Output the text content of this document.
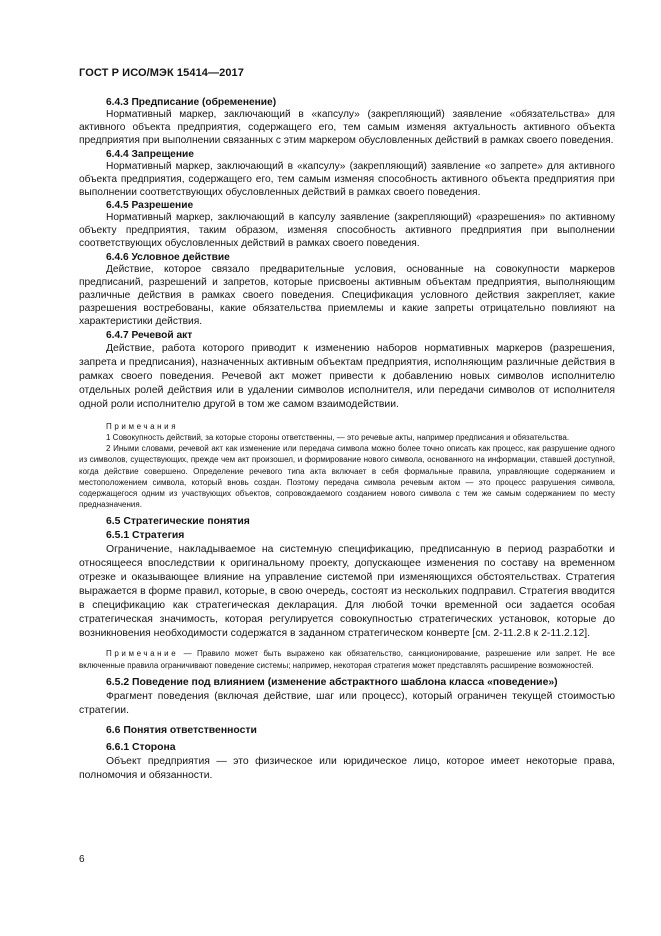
ГОСТ Р ИСО/МЭК 15414—2017
6.4.3 Предписание (обременение)

Нормативный маркер, заключающий в «капсулу» (закрепляющий) заявление «обязательства» для активного объекта предприятия, содержащего его, тем самым изменяя актуальность активного объекта предприятия при выполнении связанных с этим маркером обусловленных действий в рамках своего поведения.

6.4.4 Запрещение

Нормативный маркер, заключающий в «капсулу» (закрепляющий) заявление «о запрете» для активного объекта предприятия, содержащего его, тем самым изменяя способность активного объекта предприятия при выполнении соответствующих обусловленных действий в рамках своего поведения.

6.4.5 Разрешение

Нормативный маркер, заключающий в капсулу заявление (закрепляющий) «разрешения» по активному объекту предприятия, таким образом, изменяя способность активного предприятия при выполнении соответствующих обусловленных действий в рамках своего поведения.

6.4.6 Условное действие

Действие, которое связало предварительные условия, основанные на совокупности маркеров предписаний, разрешений и запретов, которые присвоены активным объектам предприятия, выполняющим различные действия в рамках своего поведения. Спецификация условного действия закрепляет, какие разрешения востребованы, какие обязательства приемлемы и какие запреты отрицательно повлияют на характеристики действия.

6.4.7 Речевой акт

Действие, работа которого приводит к изменению наборов нормативных маркеров (разрешения, запрета и предписания), назначенных активным объектам предприятия, исполняющим различные действия в рамках своего поведения. Речевой акт может привести к добавлению новых символов исполнителю отдельных ролей действия или в удалении символов исполнителя, или передачи символов от исполнителя одной роли исполнителю другой в том же самом взаимодействии.

Примечания

1 Совокупность действий, за которые стороны ответственны, — это речевые акты, например предписания и обязательства.

2 Иными словами, речевой акт как изменение или передача символа можно более точно описать как процесс, как разрушение одного из символов, существующих, прежде чем акт произошел, и формирование нового символа, основанного на информации, ставшей доступной, когда действие совершено. Определение речевого типа акта включает в себя формальные правила, управляющие содержанием и местоположением символа, который вновь создан. Поэтому передача символа речевым актом — это процесс разрушения символа, содержащегося одним из участвующих объектов, сопровождаемого созданием нового символа с тем же самым содержанием по месту предназначения.

6.5 Стратегические понятия
6.5.1 Стратегия

Ограничение, накладываемое на системную спецификацию, предписанную в период разработки и относящееся впоследствии к оригинальному проекту, допускающее изменения по составу на временном отрезке и оказывающее влияние на управление системой при изменяющихся обстоятельствах. Стратегия выражается в форме правил, которые, в свою очередь, состоят из нескольких подправил. Стратегия вводится в спецификацию как стратегическая декларация. Для любой точки временной оси задается особая стратегическая значимость, которая регулируется совокупностью стратегических установок, которые до возникновения необходимости содержатся в заданном стратегическом конверте [см. 2-11.2.8 к 2-11.2.12].

Примечание — Правило может быть выражено как обязательство, санкционирование, разрешение или запрет. Не все включенные правила ограничивают поведение системы; например, некоторая стратегия может представлять расширение возможностей.

6.5.2 Поведение под влиянием (изменение абстрактного шаблона класса «поведение»)

Фрагмент поведения (включая действие, шаг или процесс), который ограничен текущей стоимостью стратегии.

6.6 Понятия ответственности
6.6.1 Сторона

Объект предприятия — это физическое или юридическое лицо, которое имеет некоторые права, полномочия и обязанности.

6
